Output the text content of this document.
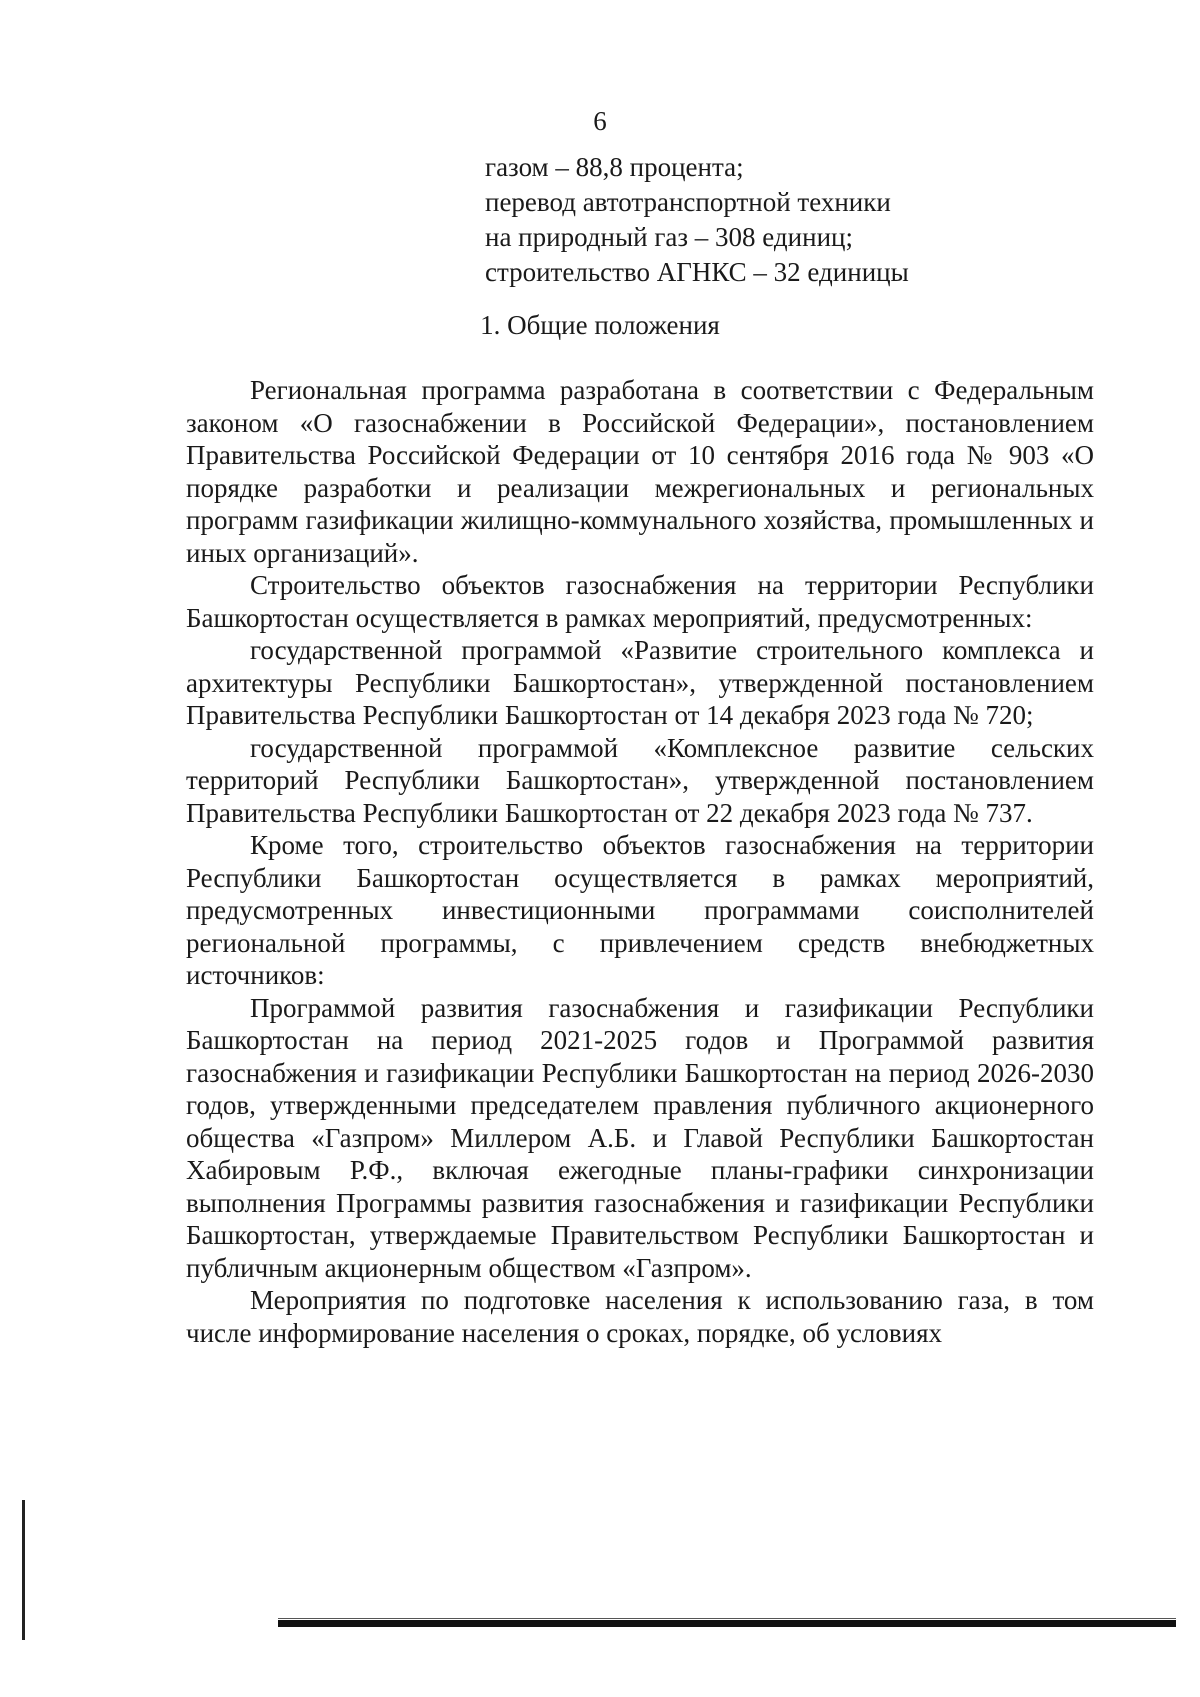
6
газом – 88,8 процента;
перевод автотранспортной техники
на природный газ – 308 единиц;
строительство АГНКС – 32 единицы
1. Общие положения

Региональная программа разработана в соответствии с Федеральным законом «О газоснабжении в Российской Федерации», постановлением Правительства Российской Федерации от 10 сентября 2016 года № 903 «О порядке разработки и реализации межрегиональных и региональных программ газификации жилищно-коммунального хозяйства, промышленных и иных организаций».

Строительство объектов газоснабжения на территории Республики Башкортостан осуществляется в рамках мероприятий, предусмотренных:

государственной программой «Развитие строительного комплекса и архитектуры Республики Башкортостан», утвержденной постановлением Правительства Республики Башкортостан от 14 декабря 2023 года № 720;

государственной программой «Комплексное развитие сельских территорий Республики Башкортостан», утвержденной постановлением Правительства Республики Башкортостан от 22 декабря 2023 года № 737.

Кроме того, строительство объектов газоснабжения на территории Республики Башкортостан осуществляется в рамках мероприятий, предусмотренных инвестиционными программами соисполнителей региональной программы, с привлечением средств внебюджетных источников:

Программой развития газоснабжения и газификации Республики Башкортостан на период 2021-2025 годов и Программой развития газоснабжения и газификации Республики Башкортостан на период 2026-2030 годов, утвержденными председателем правления публичного акционерного общества «Газпром» Миллером А.Б. и Главой Республики Башкортостан Хабировым Р.Ф., включая ежегодные планы-графики синхронизации выполнения Программы развития газоснабжения и газификации Республики Башкортостан, утверждаемые Правительством Республики Башкортостан и публичным акционерным обществом «Газпром».

Мероприятия по подготовке населения к использованию газа, в том числе информирование населения о сроках, порядке, об условиях
